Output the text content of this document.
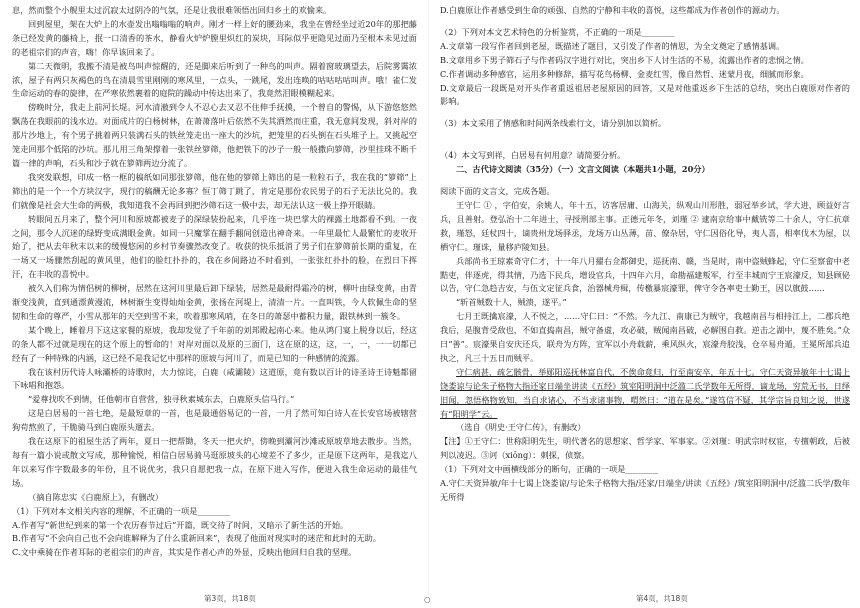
息，然而整个小舰里太过沉寂太过阴冷的气氛，还是让我很难领悟出回归乡土的欢愉来。

回到屋里，架在大炉上的水壶发出嗡嗡嗡的响声。刚才一样上好的腰劲来，我坐在曾经坐过近20年的那把藤条已经发黄的藤椅上，抿一口清香的茶水，静看火炉炉膛里炽红的炭块，耳际似乎更隐见过面乃至根本未见过面的老祖宗们的声音，嗨！你早该回来了。

第二天微明，我搬不清是被鸟叫声惊醒的，还是脚来后听到了一种鸟的叫声。隔着窗玻璃望去，后院雾霭浓浓，屋子有两只灰褐色的鸟在清晨雪里刚刚的寒风里，一点头，一跳尾，发出连唤的咕咕咕咕叫声。哦！雀仁发生命运动的春的旋律，在严寒依然裹着的庭院的躁动中传达出来了，我竟然泪眼模糊起来。

傍晚时分，我走上前河长堤。河水清澈到令人不忍心去又忍不住伸手抚摸，一个曾自的警惕，从下游悠悠然飘荡在我眼前的浅水边。对面成片的白杨树林，在萧萧落叶后依然不失其洒然而庄重，我无意间发现，斜对岸的那片沙地上，有个男子挑着两只装满石头的铁丝笼走出一座大的沙坑，把笼里的石头倒在石头堆子上。又挑起空笼走回那个低陷的沙坑。那儿用三角架撑着一张铁丝箩筛，他把铁下的沙子一般一般撒向箩筛，沙里挂珠不断千篇一律的声响，石头和沙子就在箩筛两边分流了。

我突发联想，印成一格一框的稿纸如同那张箩筛，他在他的箩筛上筛出的是一粒粒石子，我在我的“箩筛”上筛出的是一个一个方块汉字，现行的稿酬无论多寡？恒丁筛丁跳了，肯定是那份农民男子的石子无法比兑的。我们就像是社会大生命的两极，我知道我不会再回到把沙筛石这一极中去，却无法认这一极上挣开眼睛。

转眼间五月来了，整个河川和原坡都被麦子的深绿装扮起来，几乎连一块巴掌大的裸露土地都看不到。一夜之间，那令人沉迷的绿野变成满眼金黄。如同一只魔掌在翻手翻间创造出神奇来。一年里最忙人最繁忙的麦收开始了，把从去年秋末以来的缓慢悠闲的乡村节奏骤然改变了。收获的快乐抵消了男子们在箩筛前长期的重复，在一场又一场骤然刮起的黄风里，他们的脸红扑扑的，我在乡间路边不时看到，一张张红扑扑的脸，在烈日下挥汗，在丰收的喜悦中。

被久入们称为情侣树的柳树，居然在这河川里最后卸下绿装，居然是最耐得霜冷的树，柳叶由绿变黄，由青渐变浅黄，直到通漂黄漫流，林树渐生变得灿灿金黄，张扬在河堤上，清清一片。一直叫铁，今人软佩生命的坚韧和生命的尊严，小雪从那年的天空到雪不来，吹着那寒风哨，在冬日的萧瑟中蓄积力量，跟铁林到一簇冬。

某个晚上，睡着月下这这家餐的原坡，我却发觉了千年前的刘邦殿起南心来。他从鸿门宴上脱身以后，经这的条人都不过就是现在的这个原上的暂命的！对岸对面以及原的三面门，这在原的这，这，一，一，一一切都已经有了一种特殊的内涵，这已经不是我记忆中那样的原坡与河川了，而是已知的一种感情的流露。

我在该村历代诗人咏灞桥的诗歌时，大力惊诧，白鹿（咸灞陵）这道原，竟有数以百计的诗圣诗王诗魁都留下咏唱和抱怨。

“爱尊找吹不到情，任他朝市自营营，独寻秋素城东去，白鹿原头信马行。”

这是白居易的一首七绝，是最短章的一首，也是最通俗易记的一首，一月了然可知白诗人在长安官场被辖营狗苟熬煎了，干脆骑马到白鹿原头遛去。

我在这原下的祖屋生活了两年，夏日一把帮锄，冬天一把火炉，傍晚到灞河沙滩或原坡草地去散步。当然，每有一篇小说或散文写成，那种愉悦，相信白居易骑马逛原坡头的心境差不了多少，正是原下这两年，是我迄八年以来写作字数最多的年份，且不说优劣，我只自愿把我一点，在原下进入写作，便进入我生命运动的最佳气场。

（摘自陈忠实《白鹿原上》，有删改）

（1）下列对本文相关内容的理解，不正确的一项是________

A.作者写“新世纪到来的第一个农历春节过后”开篇，既交待了时间，又暗示了新生活的开始。

B.作者写“不会向自己也不会向谁解释为了什么重新回来”，表现了他面对现实时的迷茫和此时的无助。

C.文中乘骑在作者耳际的老祖宗们的声音，其实是作者心声的外显，反映出他回归自我的坚理。

D.白鹿原让作者感受到生命的顽强、自然的宁静和丰收的喜悦，这些都成为作者创作的源动力。

（2）下列对本文艺术特色的分析鉴赏，不正确的一项是________

A.文章第一段写作者回到老屋，既描述了题目，又引发了作者的情思，为全文奠定了感情基调。

B.文章用乡下男子筛石子与作者码汉字进行对比，突出乡下人讨生活的不易，流露出作者的悲悯之情。

C.作者调动多种感官，运用多种修辞，描写花鸟杨柳、金麦红雪，像自然哲、迷蒙月夜，细腻而形象。

D.文章最后一段既是对开头作者重返祖居老屋原因的回答，又是对他重返乡下生活的总结，突出白鹿原对作者的影响。

（3）本文采用了情感和时间两条线索行文，请分别加以简析。

（4）本文写到祥，白居易有何用意？请简要分析。

二、古代诗文阅读（35分）（一）文言文阅读（本题共1小题，20分）

阅读下面的文言文，完成各题。

王守仁 ① ，字伯安，余姚人，年十五，访客居庸、山海关，纵观山川形胜，弱冠举乡试，学大进，顾益好言兵，且善射。登弘治十二年进士，寻授刑部主事。正德元年冬，刘瑾 ② 逮南京给事中戴铣等二十余人，守仁抗章救，瑾怒，廷杖四十，谪贵州龙场驿丞，龙场万山丛薄，苗、僚杂居，守仁因俗化导，夷人喜，相率伐木为屋，以栖守仁。瑾诛，量移庐陵知县。

兵部尚书王琼素奇守仁才，十一年八月擢右佥都御史，巡抚南、赣，当是时，南中盗贼蜂起，守仁至察畲中老黠吏，伴逐虎，得其情，乃选下民兵，增设官兵，十四年六月，命勘福建叛军，行至丰城而宁王宸濠反，知县顾佖以告，守仁急趋吉安，与伍文定征兵食，治器械舟楫，传檄暴宸濠罪，俾守令各率吏士勤王，因以旗鼓……

“斩首贼数十人，贼溃，遂平。”

七月王既擒宸濠，人不悦之，……守仁曰：“不然。今九江、南康已为贼守，我越南昌与相持江上，二郡兵绝我后，是腹背受敌也，不如直捣南昌，贼守备虚，攻必破，贼闻南昌破，必解围自救。逆击之湖中，蔑不胜矣。”众曰“善”。宸濠果自安庆还兵，联舟为方阵，宣军以小舟载薪，乘风纵火，宸濠舟胶浅，仓卒易舟遁，王冕所部兵追执之，凡三十五日而贼平。

守仁病甚，疏乞骸骨，举郧阳巡抚林富自代，不俟命竟归，行至南安卒，年五十七。守仁天资异敏年十七谒上饶娄谅与论朱子格物大指还家日端坐讲读《五经》筑室阳明洞中泛滥二氏学数年无所得，谪龙场，穷荒无书，日绎旧闻，忽悟格物致知，当自求诸心，不当求诸事物，喟然曰：“道在是矣。”遂笃信不疑，其学宗旨良知之说，世遂有“阳明学”云。

（选自《明史·王守仁传》，有删改）

【注】①王守仁：世称阳明先生，明代著名的思想家、哲学家、军事家。②刘瑾：明武宗时权宦，专擅朝政，后被判以凌迟。③诃（xiōng）：刺探，侦察。

（1）下列对文中画横线部分的断句，正确的一项是________

A.守仁天资异敏/年十七谒上饶娄谅/与论朱子格物大指/还家/日端坐/讲读《五经》/筑室阳明洞中/泛滥二氏学/数年无所得

第3页，共18页	○	第4页，共18页
